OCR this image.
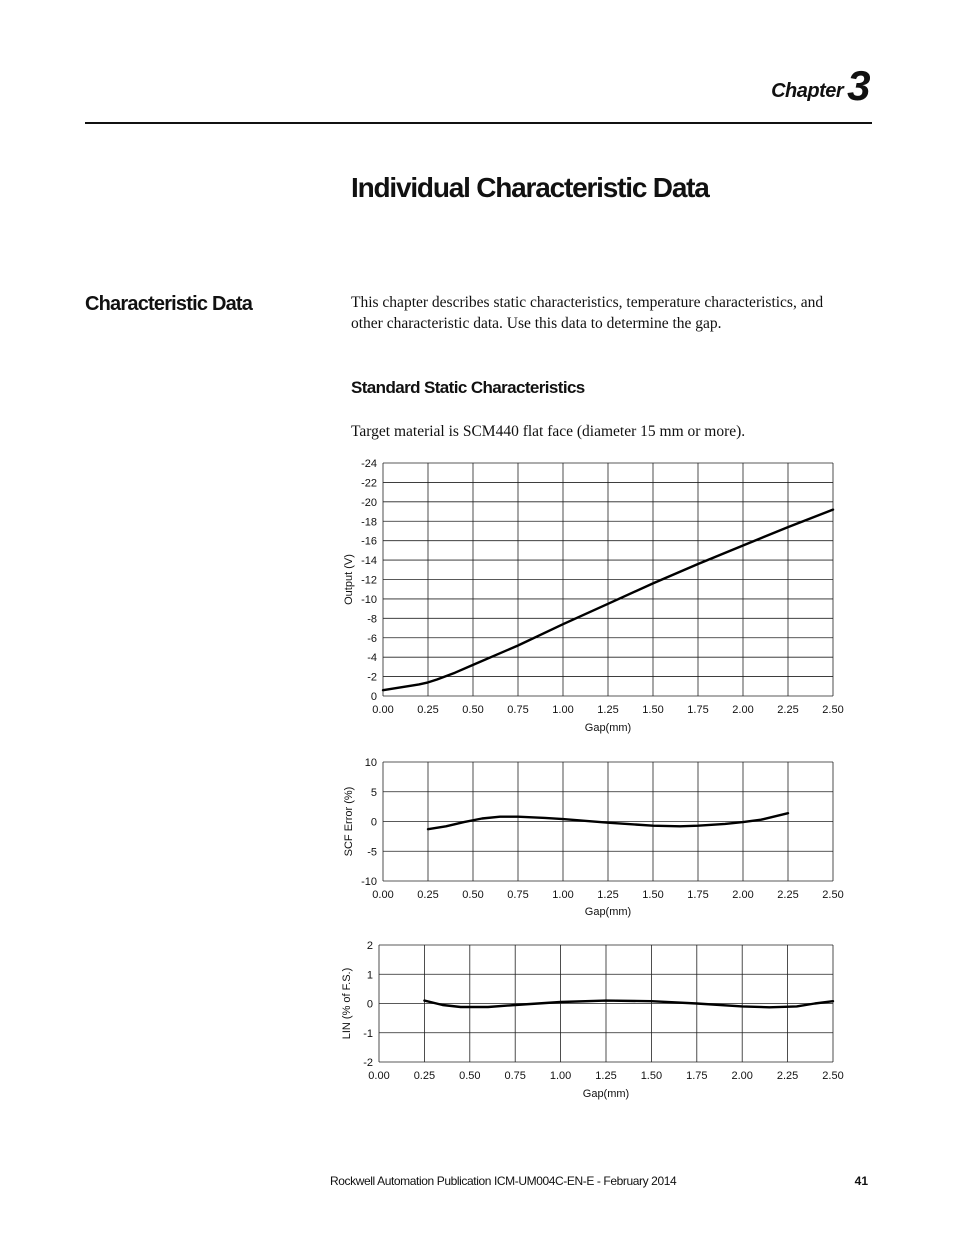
Chapter3
Individual Characteristic Data
Characteristic Data	This chapter describes static characteristics, temperature characteristics, and other characteristic data. Use this data to determine the gap.

Standard Static Characteristics

Target material is SCM440 flat face (diameter 15 mm or more).

0.00 0.25 0.50 0.75 1.00 1.25 1.50 1.75 2.00 2.25 2.50
-24
-22
-20
-18
-16
-14
-12
-10
-8
-6
-4
-2
0
Gap(mm)
Output (V)
0.00 0.25 0.50 0.75 1.00 1.25 1.50 1.75 2.00 2.25 2.50
10
5
0
-5
-10
Gap(mm)
SCF Error (%)
0.00 0.25 0.50 0.75 1.00 1.25 1.50 1.75 2.00 2.25 2.50
2
1
0
-1
-2
Gap(mm)
LIN (% of F.S.)
Rockwell Automation Publication ICM-UM004C-EN-E - February 2014	41
